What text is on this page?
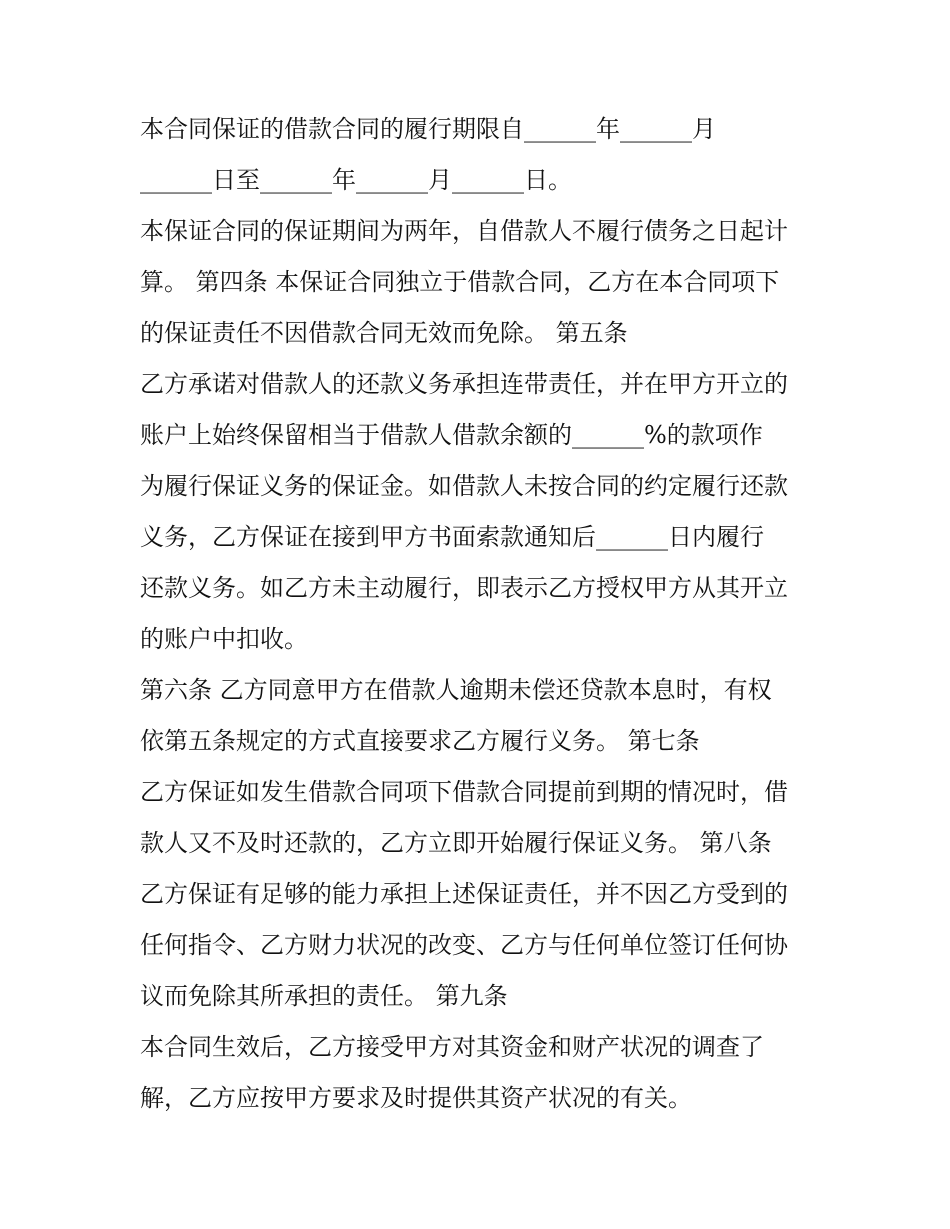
本合同保证的借款合同的履行期限自______年______月
______日至______年______月______日。
本保证合同的保证期间为两年，自借款人不履行债务之日起计
算。 第四条 本保证合同独立于借款合同，乙方在本合同项下
的保证责任不因借款合同无效而免除。 第五条
乙方承诺对借款人的还款义务承担连带责任，并在甲方开立的
账户上始终保留相当于借款人借款余额的______%的款项作
为履行保证义务的保证金。如借款人未按合同的约定履行还款
义务，乙方保证在接到甲方书面索款通知后______日内履行
还款义务。如乙方未主动履行，即表示乙方授权甲方从其开立
的账户中扣收。
第六条 乙方同意甲方在借款人逾期未偿还贷款本息时，有权
依第五条规定的方式直接要求乙方履行义务。 第七条
乙方保证如发生借款合同项下借款合同提前到期的情况时，借
款人又不及时还款的，乙方立即开始履行保证义务。 第八条
乙方保证有足够的能力承担上述保证责任，并不因乙方受到的
任何指令、乙方财力状况的改变、乙方与任何单位签订任何协
议而免除其所承担的责任。 第九条
本合同生效后，乙方接受甲方对其资金和财产状况的调查了
解，乙方应按甲方要求及时提供其资产状况的有关。
